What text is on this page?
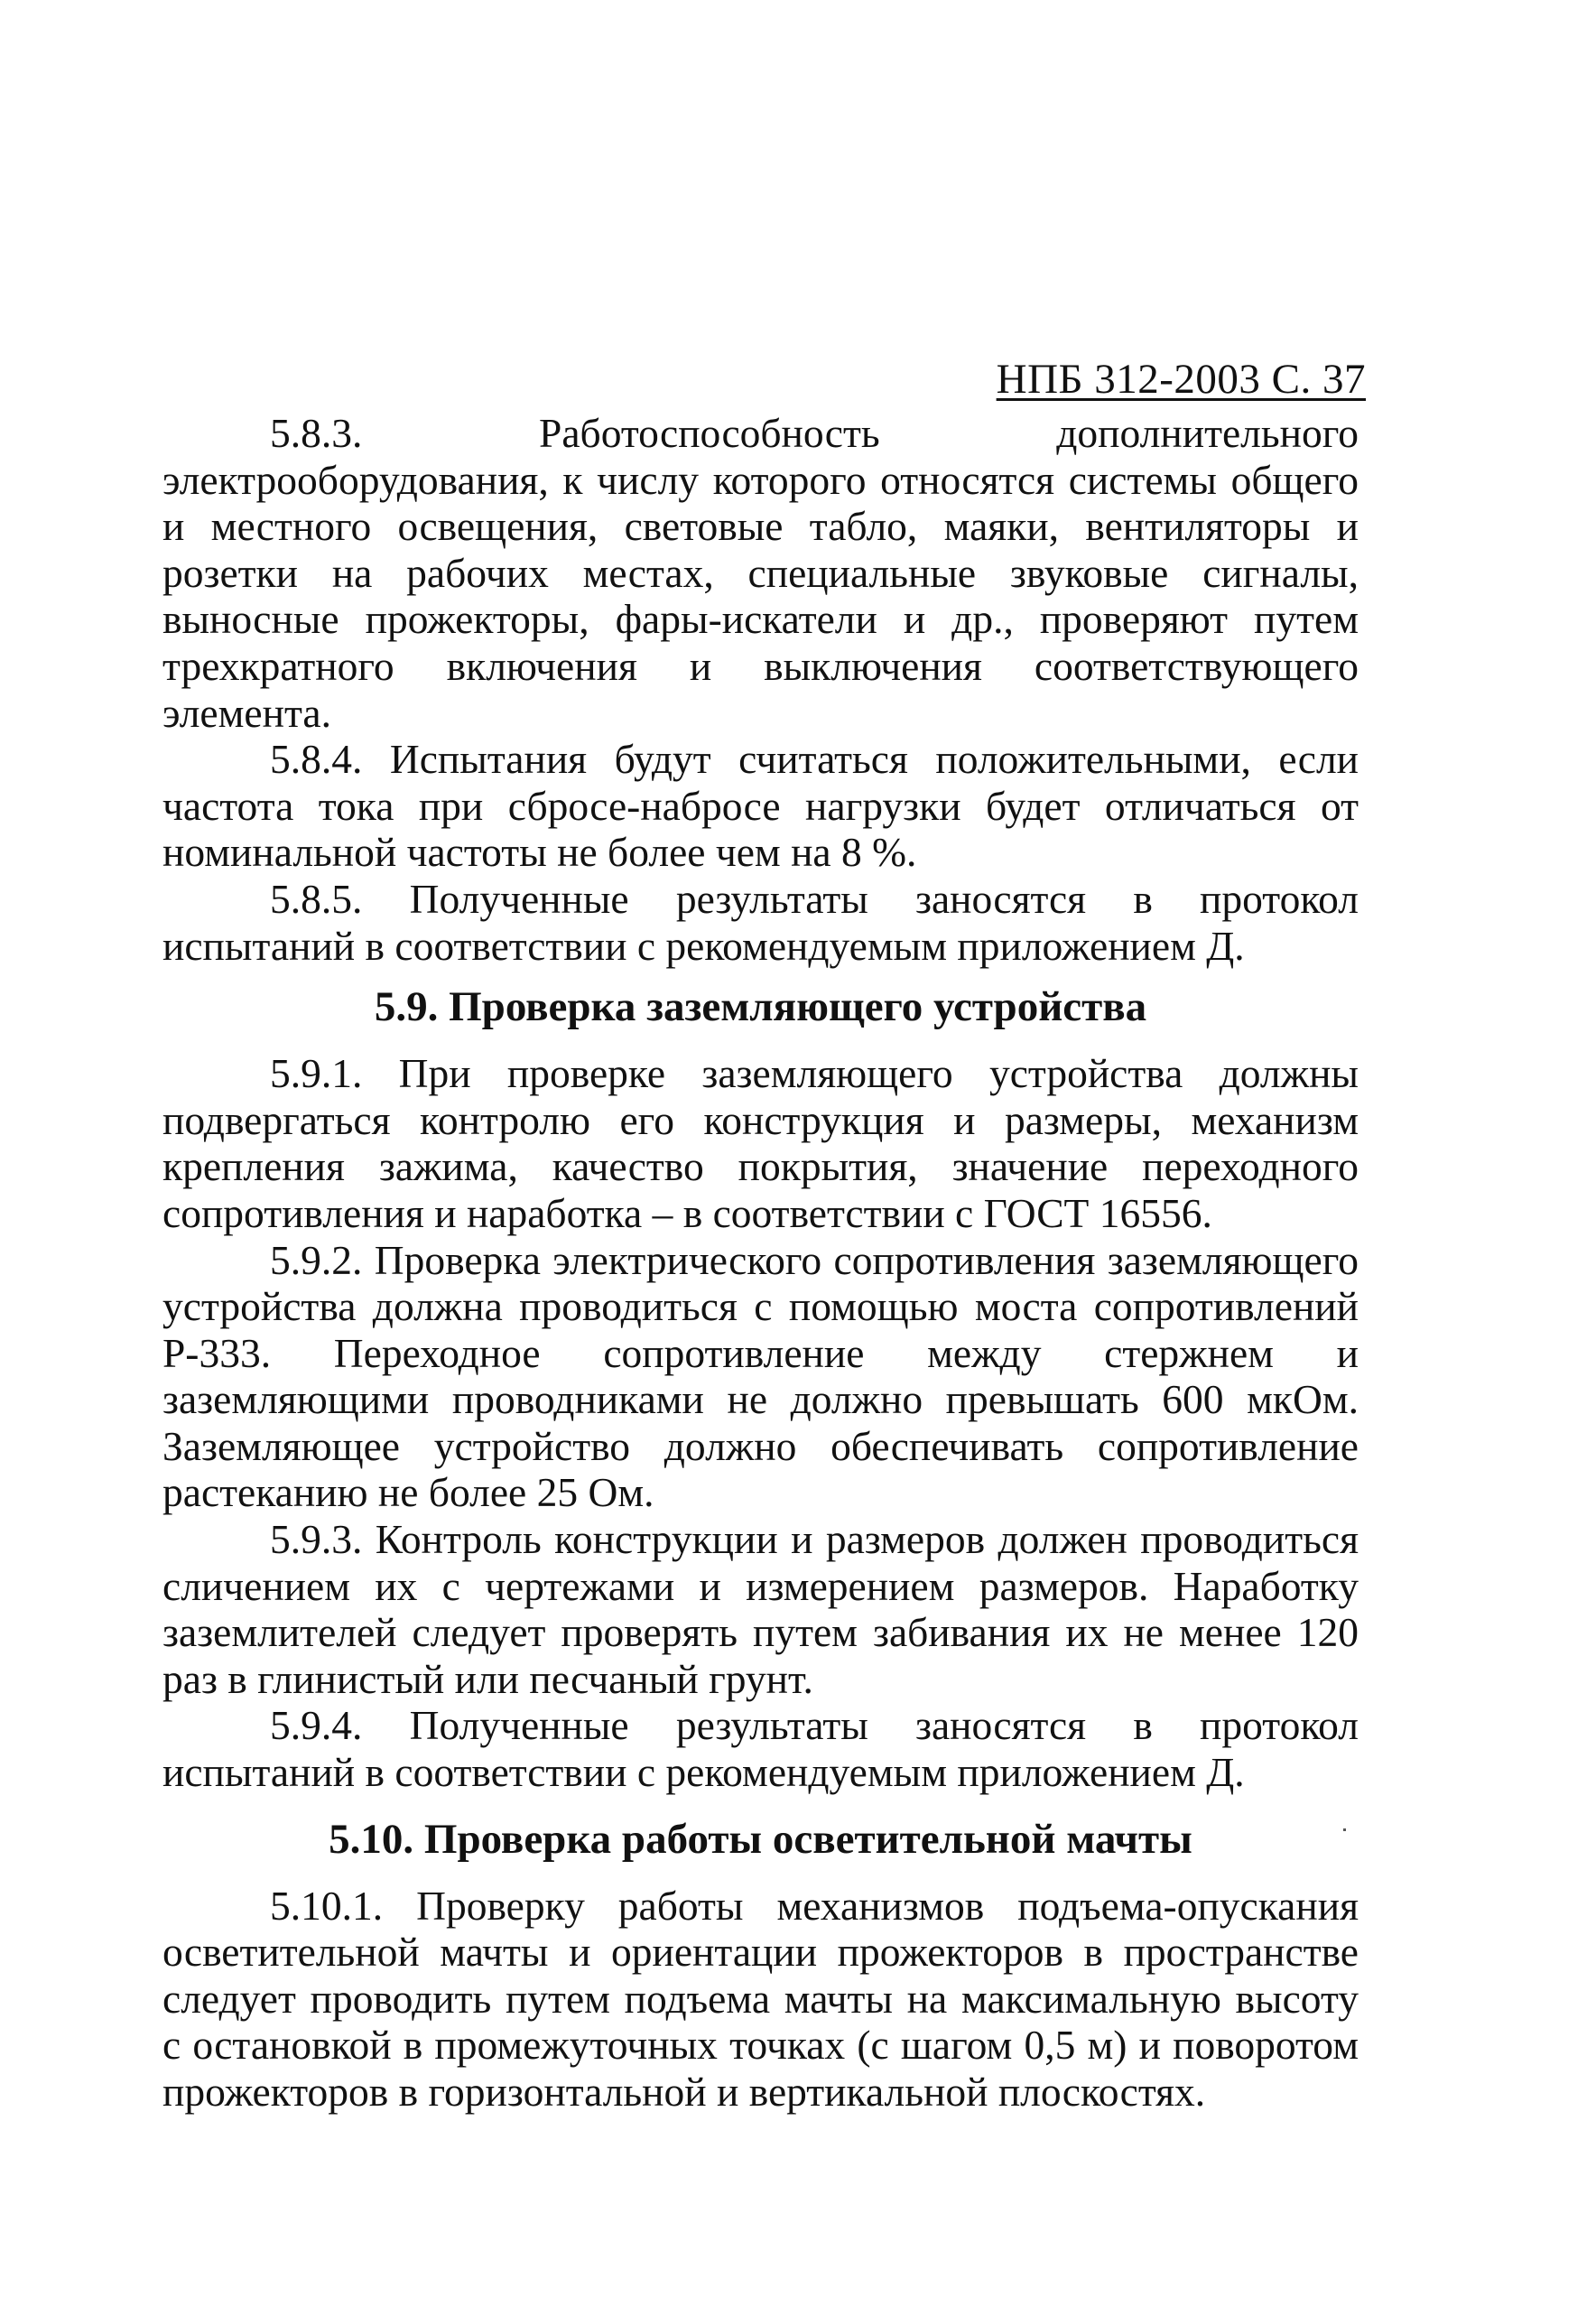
НПБ 312-2003 С. 37

5.8.3. Работоспособность дополнительного электрооборудования, к числу которого относятся системы общего и местного освещения, световые табло, маяки, вентиляторы и розетки на рабочих местах, специальные звуковые сигналы, выносные прожекторы, фары-искатели и др., проверяют путем трехкратного включения и выключения соответствующего элемента.

5.8.4. Испытания будут считаться положительными, если частота тока при сбросе-набросе нагрузки будет отличаться от номинальной частоты не более чем на 8 %.

5.8.5. Полученные результаты заносятся в протокол испытаний в соответствии с рекомендуемым приложением Д.

5.9. Проверка заземляющего устройства

5.9.1. При проверке заземляющего устройства должны подвергаться контролю его конструкция и размеры, механизм крепления зажима, качество покрытия, значение переходного сопротивления и наработка – в соответствии с ГОСТ 16556.

5.9.2. Проверка электрического сопротивления заземляющего устройства должна проводиться с помощью моста сопротивлений Р-333. Переходное сопротивление между стержнем и заземляющими проводниками не должно превышать 600 мкОм. Заземляющее устройство должно обеспечивать сопротивление растеканию не более 25 Ом.

5.9.3. Контроль конструкции и размеров должен проводиться сличением их с чертежами и измерением размеров. Наработку заземлителей следует проверять путем забивания их не менее 120 раз в глинистый или песчаный грунт.

5.9.4. Полученные результаты заносятся в протокол испытаний в соответствии с рекомендуемым приложением Д.

5.10. Проверка работы осветительной мачты

5.10.1. Проверку работы механизмов подъема-опускания осветительной мачты и ориентации прожекторов в пространстве следует проводить путем подъема мачты на максимальную высоту с остановкой в промежуточных точках (с шагом 0,5 м) и поворотом прожекторов в горизонтальной и вертикальной плоскостях.
